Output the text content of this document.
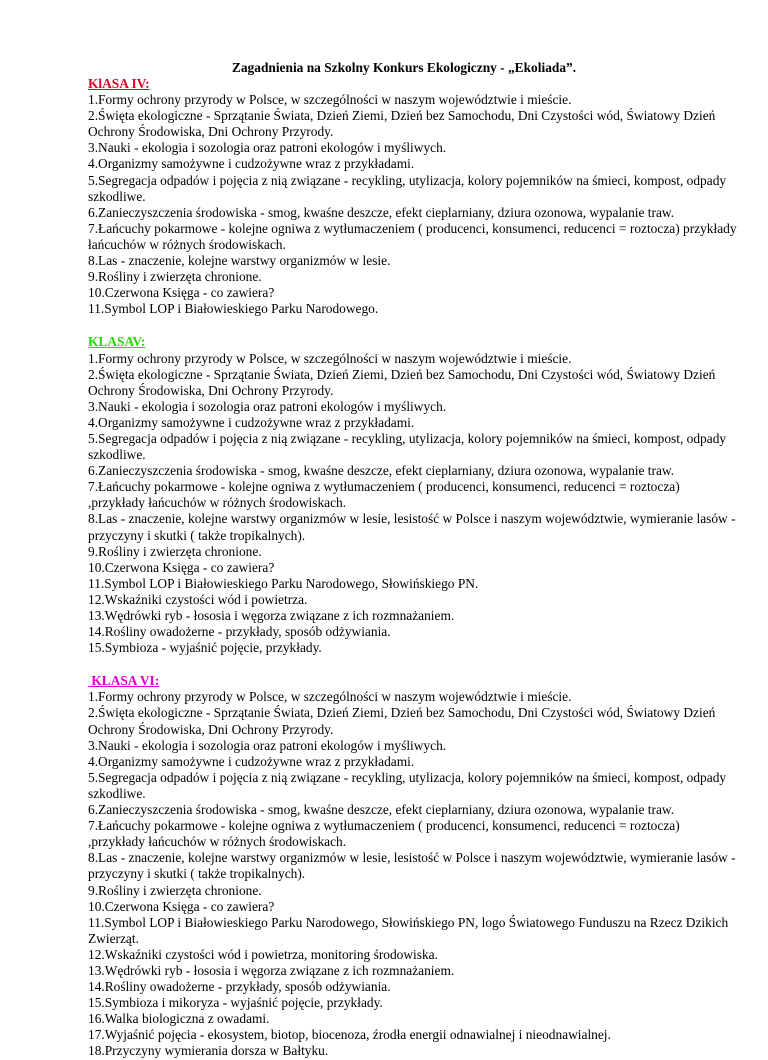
Zagadnienia na Szkolny Konkurs Ekologiczny - „Ekoliada”.
KlASA IV:
1.Formy ochrony przyrody w Polsce, w szczególności w naszym województwie i mieście.
2.Święta ekologiczne - Sprzątanie Świata, Dzień Ziemi, Dzień bez Samochodu, Dni Czystości wód, Światowy Dzień Ochrony Środowiska, Dni Ochrony Przyrody.
3.Nauki - ekologia i sozologia oraz patroni ekologów i myśliwych.
4.Organizmy samożywne i cudzożywne wraz z przykładami.
5.Segregacja odpadów i pojęcia z nią związane - recykling, utylizacja, kolory pojemników na śmieci, kompost, odpady szkodliwe.
6.Zanieczyszczenia środowiska - smog, kwaśne deszcze, efekt cieplarniany, dziura ozonowa, wypalanie traw.
7.Łańcuchy pokarmowe - kolejne ogniwa z wytłumaczeniem ( producenci, konsumenci, reducenci = roztocza) przykłady łańcuchów w różnych środowiskach.
8.Las - znaczenie, kolejne warstwy organizmów w lesie.
9.Rośliny i zwierzęta chronione.
10.Czerwona Księga - co zawiera?
11.Symbol LOP i Białowieskiego Parku Narodowego.
KLASAV:
1.Formy ochrony przyrody w Polsce, w szczególności w naszym województwie i mieście.
2.Święta ekologiczne - Sprzątanie Świata, Dzień Ziemi, Dzień bez Samochodu, Dni Czystości wód, Światowy Dzień Ochrony Środowiska, Dni Ochrony Przyrody.
3.Nauki - ekologia i sozologia oraz patroni ekologów i myśliwych.
4.Organizmy samożywne i cudzożywne wraz z przykładami.
5.Segregacja odpadów i pojęcia z nią związane - recykling, utylizacja, kolory pojemników na śmieci, kompost, odpady szkodliwe.
6.Zanieczyszczenia środowiska - smog, kwaśne deszcze, efekt cieplarniany, dziura ozonowa, wypalanie traw.
7.Łańcuchy pokarmowe - kolejne ogniwa z wytłumaczeniem ( producenci, konsumenci, reducenci = roztocza) ,przykłady łańcuchów w różnych środowiskach.
8.Las - znaczenie, kolejne warstwy organizmów w lesie, lesistość w Polsce i naszym województwie, wymieranie lasów - przyczyny i skutki ( także tropikalnych).
9.Rośliny i zwierzęta chronione.
10.Czerwona Księga - co zawiera?
11.Symbol LOP i Białowieskiego Parku Narodowego, Słowińskiego PN.
12.Wskaźniki czystości wód i powietrza.
13.Wędrówki ryb - łososia i węgorza związane z ich rozmnażaniem.
14.Rośliny owadożerne - przykłady, sposób odżywiania.
15.Symbioza - wyjaśnić pojęcie, przykłady.
KLASA VI:
1.Formy ochrony przyrody w Polsce, w szczególności w naszym województwie i mieście.
2.Święta ekologiczne - Sprzątanie Świata, Dzień Ziemi, Dzień bez Samochodu, Dni Czystości wód, Światowy Dzień Ochrony Środowiska, Dni Ochrony Przyrody.
3.Nauki - ekologia i sozologia oraz patroni ekologów i myśliwych.
4.Organizmy samożywne i cudzożywne wraz z przykładami.
5.Segregacja odpadów i pojęcia z nią związane - recykling, utylizacja, kolory pojemników na śmieci, kompost, odpady szkodliwe.
6.Zanieczyszczenia środowiska - smog, kwaśne deszcze, efekt cieplarniany, dziura ozonowa, wypalanie traw.
7.Łańcuchy pokarmowe - kolejne ogniwa z wytłumaczeniem ( producenci, konsumenci, reducenci = roztocza) ,przykłady łańcuchów w różnych środowiskach.
8.Las - znaczenie, kolejne warstwy organizmów w lesie, lesistość w Polsce i naszym województwie, wymieranie lasów - przyczyny i skutki ( także tropikalnych).
9.Rośliny i zwierzęta chronione.
10.Czerwona Księga - co zawiera?
11.Symbol LOP i Białowieskiego Parku Narodowego, Słowińskiego PN, logo Światowego Funduszu na Rzecz Dzikich Zwierząt.
12.Wskaźniki czystości wód i powietrza, monitoring środowiska.
13.Wędrówki ryb - łososia i węgorza związane z ich rozmnażaniem.
14.Rośliny owadożerne - przykłady, sposób odżywiania.
15.Symbioza i mikoryza - wyjaśnić pojęcie, przykłady.
16.Walka biologiczna z owadami.
17.Wyjaśnić pojęcia - ekosystem, biotop, biocenoza, źrodła energii odnawialnej i nieodnawialnej.
18.Przyczyny wymierania dorsza w Bałtyku.
